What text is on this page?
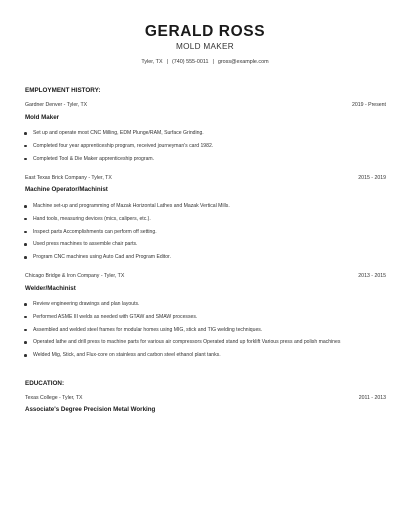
GERALD ROSS
MOLD MAKER
Tyler, TX | (740) 555-0011 | gross@example.com
EMPLOYMENT HISTORY:
Gardner Denver - Tyler, TX	2019 - Present
Mold Maker
Set up and operate most CNC Milling, EDM Plunge/RAM, Surface Grinding.
Completed four year apprenticeship program, received journeyman's card 1982.
Completed Tool & Die Maker apprenticeship program.
East Texas Brick Company - Tyler, TX	2015 - 2019
Machine Operator/Machinist
Machine set-up and programming of Mazak Horizontal Lathes and Mazak Vertical Mills.
Hand tools, measuring devices (mics, calipers, etc.).
Inspect parts Accomplishments can perform off setting.
Used press machines to assemble chair parts.
Program CNC machines using Auto Cad and Program Editor.
Chicago Bridge & Iron Company - Tyler, TX	2013 - 2015
Welder/Machinist
Review engineering drawings and plan layouts.
Performed ASME III welds as needed with GTAW and SMAW processes.
Assembled and welded steel frames for modular homes using MIG, stick and TIG welding techniques.
Operated lathe and drill press to machine parts for various air compressors Operated stand up forklift Various press and polish machines
Welded Mig, Stick, and Flux-core on stainless and carbon steel ethanol plant tanks.
EDUCATION:
Texas College - Tyler, TX	2011 - 2013
Associate's Degree Precision Metal Working
